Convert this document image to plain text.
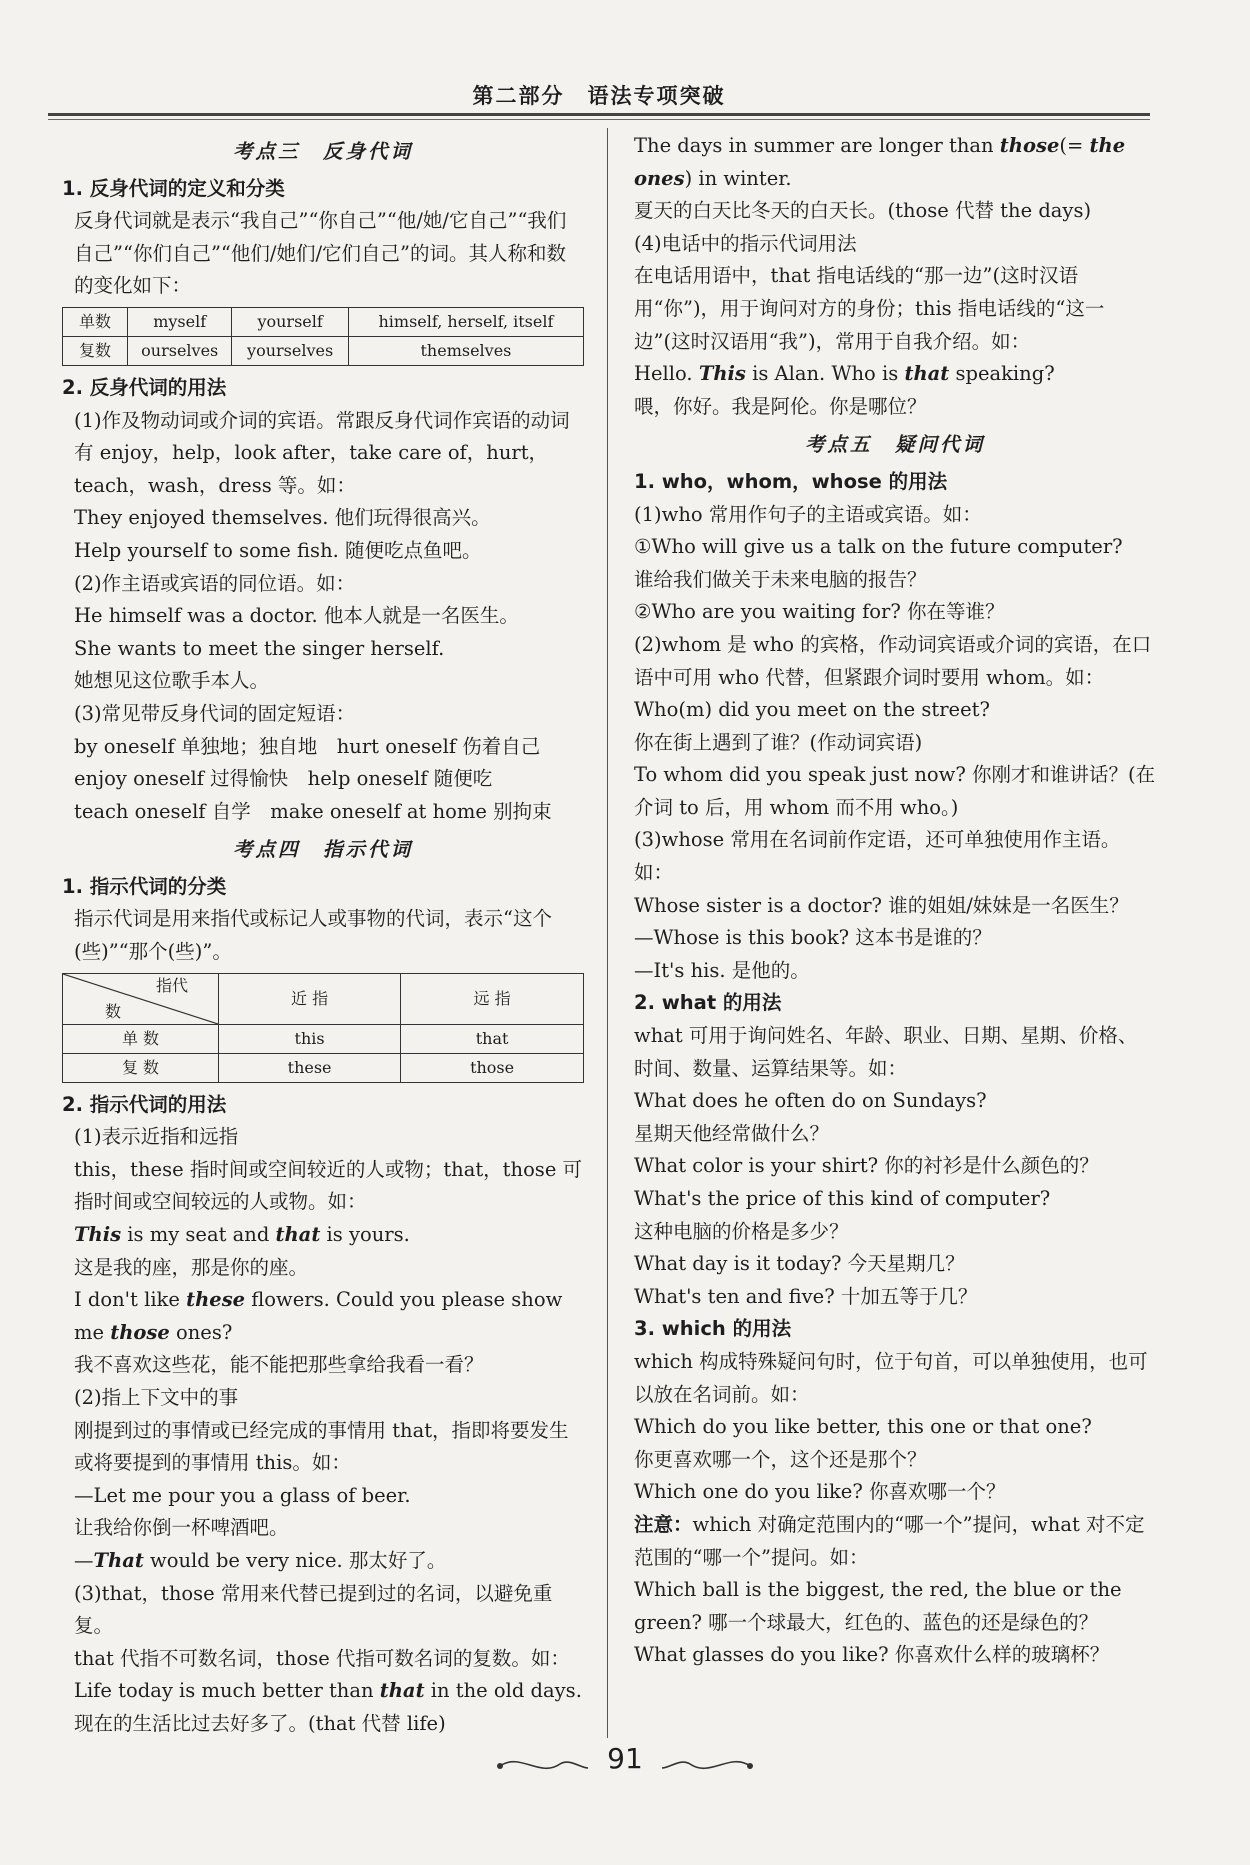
第二部分　语法专项突破
考点三　反身代词
1. 反身代词的定义和分类

反身代词就是表示“我自己”“你自己”“他/她/它自己”“我们自己”“你们自己”“他们/她们/它们自己”的词。其人称和数的变化如下：

单数	myself	yourself	himself, herself, itself
复数	ourselves	yourselves	themselves
2. 反身代词的用法

(1)作及物动词或介词的宾语。常跟反身代词作宾语的动词有 enjoy，help，look after，take care of，hurt，teach，wash，dress 等。如：

They enjoyed themselves. 他们玩得很高兴。

Help yourself to some fish. 随便吃点鱼吧。

(2)作主语或宾语的同位语。如：

He himself was a doctor. 他本人就是一名医生。

She wants to meet the singer herself.

她想见这位歌手本人。

(3)常见带反身代词的固定短语：

by oneself 单独地；独自地　hurt oneself 伤着自己

enjoy oneself 过得愉快　help oneself 随便吃

teach oneself 自学　make oneself at home 别拘束

考点四　指示代词
1. 指示代词的分类

指示代词是用来指代或标记人或事物的代词，表示“这个(些)”“那个(些)”。

指代
数	近 指	远 指
单 数	this	that
复 数	these	those
2. 指示代词的用法

(1)表示近指和远指

this，these 指时间或空间较近的人或物；that，those 可指时间或空间较远的人或物。如：

This is my seat and that is yours.

这是我的座，那是你的座。

I don't like these flowers. Could you please show me those ones?

我不喜欢这些花，能不能把那些拿给我看一看？

(2)指上下文中的事

刚提到过的事情或已经完成的事情用 that，指即将要发生或将要提到的事情用 this。如：

—Let me pour you a glass of beer.

让我给你倒一杯啤酒吧。

—That would be very nice. 那太好了。

(3)that，those 常用来代替已提到过的名词，以避免重复。

that 代指不可数名词，those 代指可数名词的复数。如：

Life today is much better than that in the old days.

现在的生活比过去好多了。(that 代替 life)

The days in summer are longer than those(= the ones) in winter.

夏天的白天比冬天的白天长。(those 代替 the days)

(4)电话中的指示代词用法

在电话用语中，that 指电话线的“那一边”(这时汉语用“你”)，用于询问对方的身份；this 指电话线的“这一边”(这时汉语用“我”)，常用于自我介绍。如：

Hello. This is Alan. Who is that speaking?

喂，你好。我是阿伦。你是哪位？

考点五　疑问代词
1. who，whom，whose 的用法

(1)who 常用作句子的主语或宾语。如：

①Who will give us a talk on the future computer?

谁给我们做关于未来电脑的报告？

②Who are you waiting for? 你在等谁？

(2)whom 是 who 的宾格，作动词宾语或介词的宾语，在口语中可用 who 代替，但紧跟介词时要用 whom。如：

Who(m) did you meet on the street?

你在街上遇到了谁？(作动词宾语)

To whom did you speak just now? 你刚才和谁讲话？(在介词 to 后，用 whom 而不用 who。)

(3)whose 常用在名词前作定语，还可单独使用作主语。如：

Whose sister is a doctor? 谁的姐姐/妹妹是一名医生？

—Whose is this book? 这本书是谁的？

—It's his. 是他的。

2. what 的用法

what 可用于询问姓名、年龄、职业、日期、星期、价格、时间、数量、运算结果等。如：

What does he often do on Sundays?

星期天他经常做什么？

What color is your shirt? 你的衬衫是什么颜色的？

What's the price of this kind of computer?

这种电脑的价格是多少？

What day is it today? 今天星期几？

What's ten and five? 十加五等于几？

3. which 的用法

which 构成特殊疑问句时，位于句首，可以单独使用，也可以放在名词前。如：

Which do you like better, this one or that one?

你更喜欢哪一个，这个还是那个？

Which one do you like? 你喜欢哪一个？

注意：which 对确定范围内的“哪一个”提问，what 对不定范围的“哪一个”提问。如：

Which ball is the biggest, the red, the blue or the green? 哪一个球最大，红色的、蓝色的还是绿色的？

What glasses do you like? 你喜欢什么样的玻璃杯？

91
